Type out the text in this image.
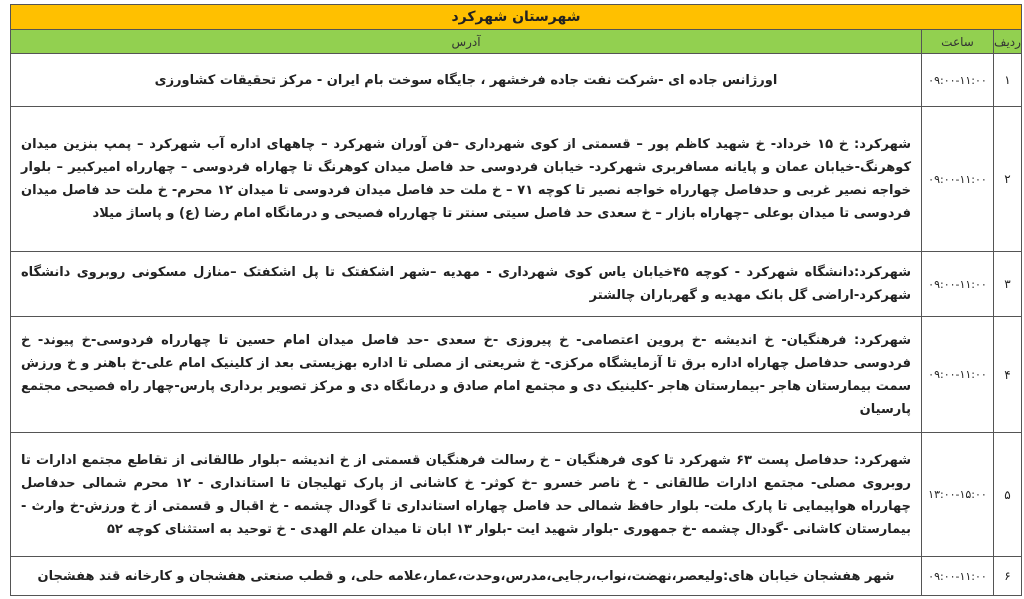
شهرستان شهرکرد
ردیف
ساعت
آدرس
۱
۰۹:۰۰-۱۱:۰۰
اورژانس جاده ای -شرکت نفت جاده فرخشهر ، جایگاه سوخت بام ایران - مرکز تحقیقات کشاورزی
۲
۰۹:۰۰-۱۱:۰۰
شهرکرد: خ ۱۵ خرداد- خ شهید کاظم پور – قسمتی از کوی شهرداری –فن آوران شهرکرد – چاههای اداره آب شهرکرد – پمپ بنزین میدان کوهرنگ-خیابان عمان و پایانه مسافربری شهرکرد- خیابان فردوسی حد فاصل میدان کوهرنگ تا چهاراه فردوسی – چهارراه امیرکبیر – بلوار خواجه نصیر غربی و حدفاصل چهارراه خواجه نصیر تا کوچه ۷۱ – خ ملت حد فاصل میدان فردوسی تا میدان ۱۲ محرم- خ ملت حد فاصل میدان فردوسی تا میدان بوعلی –چهاراه بازار – خ سعدی حد فاصل سیتی سنتر تا چهارراه فصیحی و درمانگاه امام رضا (ع) و پاساژ میلاد
۳
۰۹:۰۰-۱۱:۰۰
شهرکرد:دانشگاه شهرکرد - کوچه ۴۵خیابان یاس کوی شهرداری - مهدیه –شهر اشکفتک تا پل اشکفتک –منازل مسکونی روبروی دانشگاه شهرکرد-اراضی گل بانک مهدیه و گهرباران چالشتر
۴
۰۹:۰۰-۱۱:۰۰
شهرکرد: فرهنگیان- خ اندیشه -خ پروین اعتصامی- خ پیروزی -خ سعدی -حد فاصل میدان امام حسین تا چهارراه فردوسی-خ پیوند- خ فردوسی حدفاصل چهاراه اداره برق تا آزمایشگاه مرکزی- خ شریعتی از مصلی تا اداره بهزیستی بعد از کلینیک امام علی-خ باهنر و خ ورزش سمت بیمارستان هاجر -بیمارستان هاجر -کلینیک دی و مجتمع امام صادق و درمانگاه دی و مرکز تصویر برداری پارس-چهار راه فصیحی مجتمع پارسیان
۵
۱۳:۰۰-۱۵:۰۰
شهرکرد: حدفاصل پست ۶۳ شهرکرد تا کوی فرهنگیان – خ رسالت فرهنگیان قسمتی از خ اندیشه –بلوار طالقانی از تقاطع مجتمع ادارات تا روبروی مصلی- مجتمع ادارات طالقانی - خ ناصر خسرو –خ کوثر- خ کاشانی از پارک تهلیجان تا استانداری - ۱۲ محرم شمالی حدفاصل چهارراه هواپیمایی تا پارک ملت- بلوار حافظ شمالی حد فاصل چهاراه استانداری تا گودال چشمه - خ اقبال و قسمتی از خ ورزش-خ وارث - بیمارستان کاشانی -گودال چشمه -خ جمهوری -بلوار شهید ایت -بلوار ۱۳ ابان تا میدان علم الهدی - خ توحید به استثنای کوچه ۵۲
۶
۰۹:۰۰-۱۱:۰۰
شهر هفشجان خیابان های:ولیعصر،نهضت،نواب،رجایی،مدرس،وحدت،عمار،علامه حلی، و قطب صنعتی هفشجان و کارخانه قند هفشجان
